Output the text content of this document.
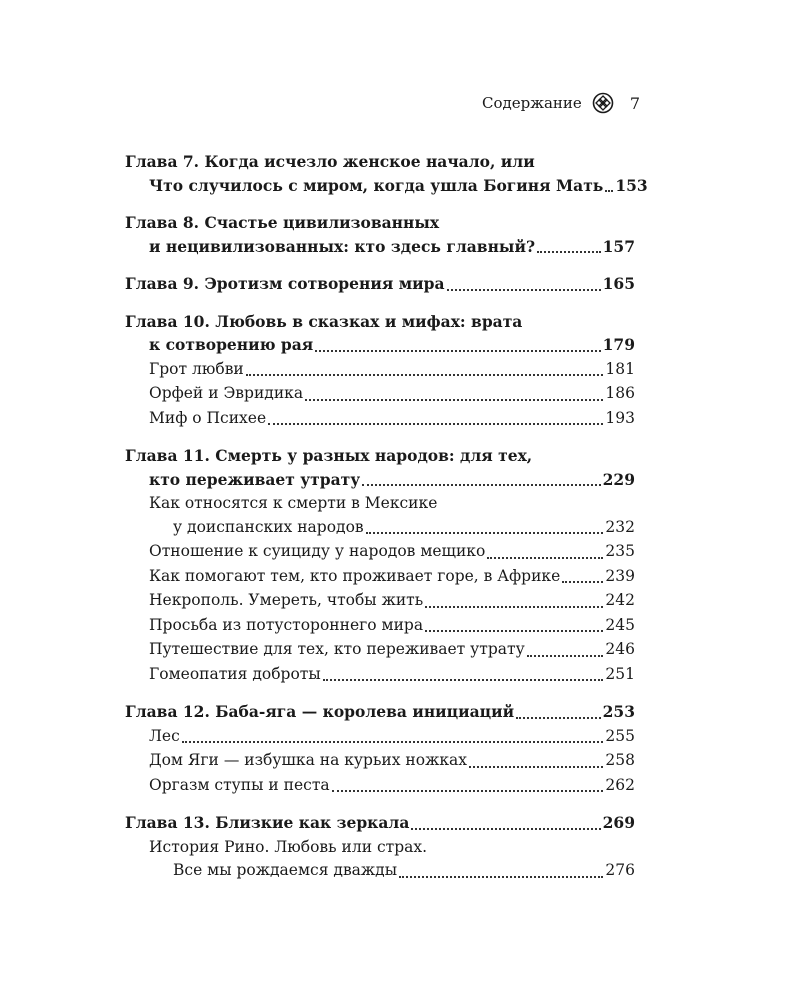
Содержание	7
Глава 7. Когда исчезло женское начало, или
Что случилось с миром, когда ушла Богиня Мать 153
Глава 8. Счастье цивилизованных
и нецивилизованных: кто здесь главный?	157
Глава 9. Эротизм сотворения мира	165
Глава 10. Любовь в сказках и мифах: врата
к сотворению рая	179
Грот любви	181
Орфей и Эвридика	186
Миф о Психее	193
Глава 11. Смерть у разных народов: для тех,
кто переживает утрату	229
Как относятся к смерти в Мексике
у доиспанских народов	232
Отношение к суициду у народов мещико	235
Как помогают тем, кто проживает горе, в Африке	239
Некрополь. Умереть, чтобы жить	242
Просьба из потустороннего мира	245
Путешествие для тех, кто переживает утрату	246
Гомеопатия доброты	251
Глава 12. Баба-яга — королева инициаций	253
Лес	255
Дом Яги — избушка на курьих ножках	258
Оргазм ступы и песта	262
Глава 13. Близкие как зеркала	269
История Рино. Любовь или страх.
Все мы рождаемся дважды	276
